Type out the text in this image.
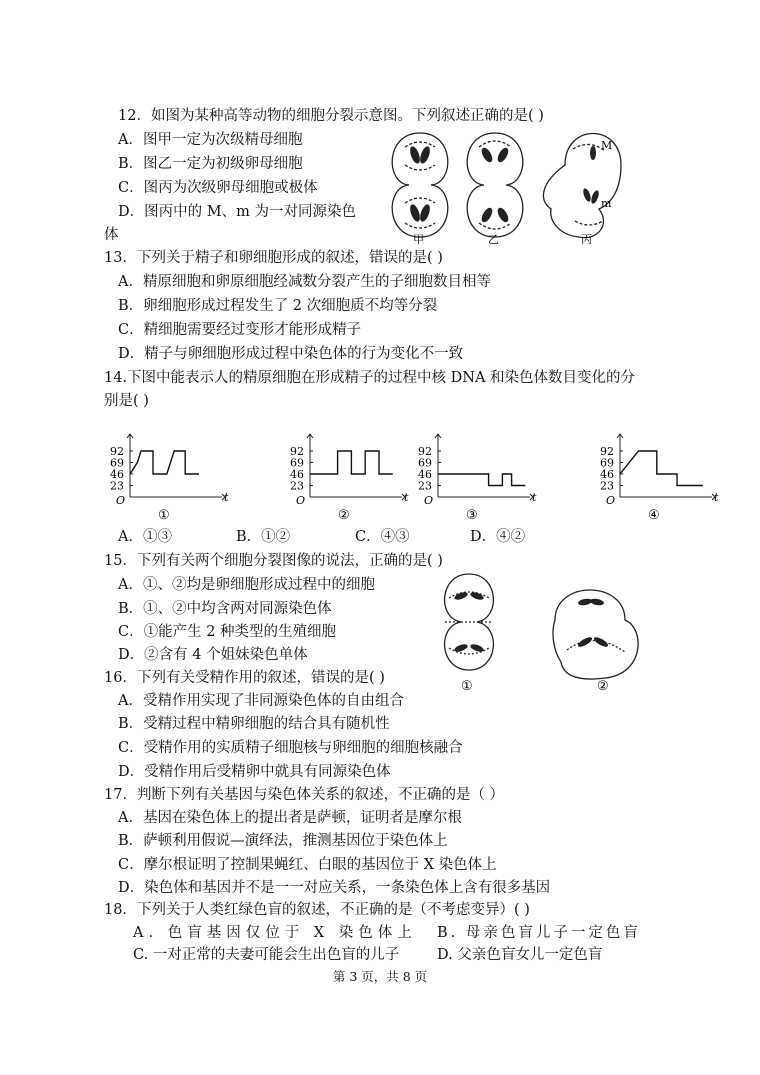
12．如图为某种高等动物的细胞分裂示意图。下列叙述正确的是( )
A．图甲一定为次级精母细胞
B．图乙一定为初级卵母细胞
C．图丙为次级卵母细胞或极体
D．图丙中的 M、m 为一对同源染色
体
M
m
甲	乙	丙
13．下列关于精子和卵细胞形成的叙述，错误的是( )
A．精原细胞和卵原细胞经减数分裂产生的子细胞数目相等
B．卵细胞形成过程发生了 2 次细胞质不均等分裂
C．精细胞需要经过变形才能形成精子
D．精子与卵细胞形成过程中染色体的行为变化不一致
14.下图中能表示人的精原细胞在形成精子的过程中核 DNA 和染色体数目变化的分
别是( )
92
69
46
23
O	t
①
92
69
46
23
O	t
②
92
69
46
23
O	t
③
92
69
46
23
O	t
④
A．①③	B．①②	C．④③	D．④②
15．下列有关两个细胞分裂图像的说法，正确的是( )
A．①、②均是卵细胞形成过程中的细胞
B．①、②中均含两对同源染色体
C．①能产生 2 种类型的生殖细胞
D．②含有 4 个姐妹染色单体
①	②
16．下列有关受精作用的叙述，错误的是( )
A．受精作用实现了非同源染色体的自由组合
B．受精过程中精卵细胞的结合具有随机性
C．受精作用的实质精子细胞核与卵细胞的细胞核融合
D．受精作用后受精卵中就具有同源染色体
17．判断下列有关基因与染色体关系的叙述，不正确的是（ ）
A．基因在染色体上的提出者是萨顿，证明者是摩尔根
B．萨顿利用假说—演绎法，推测基因位于染色体上
C．摩尔根证明了控制果蝇红、白眼的基因位于 X 染色体上
D．染色体和基因并不是一一对应关系，一条染色体上含有很多基因
18．下列关于人类红绿色盲的叙述，不正确的是（不考虑变异）( )
A. 色盲基因仅位于 X 染色体上 B. 母亲色盲儿子一定色盲
C. 一对正常的夫妻可能会生出色盲的儿子	D. 父亲色盲女儿一定色盲
第 3 页，共 8 页
